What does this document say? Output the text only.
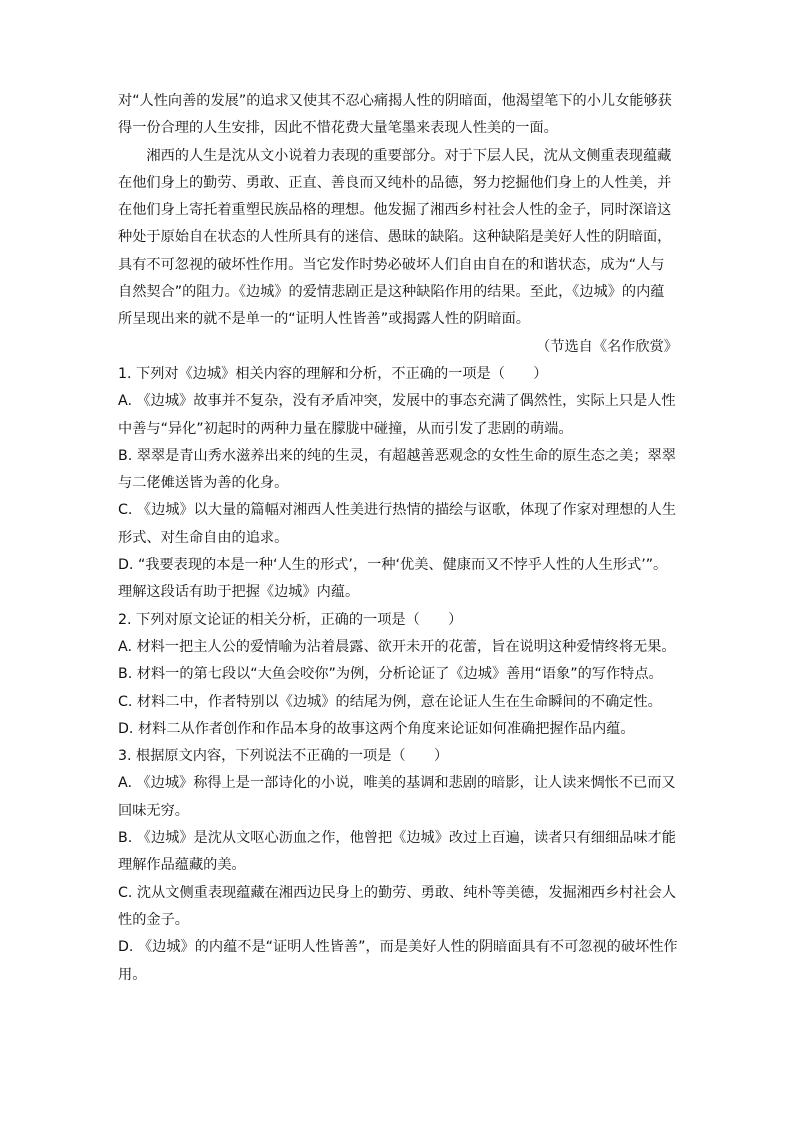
对“人性向善的发展”的追求又使其不忍心痛揭人性的阴暗面，他渴望笔下的小儿女能够获得一份合理的人生安排，因此不惜花费大量笔墨来表现人性美的一面。

湘西的人生是沈从文小说着力表现的重要部分。对于下层人民，沈从文侧重表现蕴藏在他们身上的勤劳、勇敢、正直、善良而又纯朴的品德，努力挖掘他们身上的人性美，并在他们身上寄托着重塑民族品格的理想。他发掘了湘西乡村社会人性的金子，同时深谙这种处于原始自在状态的人性所具有的迷信、愚昧的缺陷。这种缺陷是美好人性的阴暗面，具有不可忽视的破坏性作用。当它发作时势必破坏人们自由自在的和谐状态，成为“人与自然契合”的阻力。《边城》的爱情悲剧正是这种缺陷作用的结果。至此，《边城》的内蕴所呈现出来的就不是单一的“证明人性皆善”或揭露人性的阴暗面。

（节选自《名作欣赏》

1. 下列对《边城》相关内容的理解和分析，不正确的一项是（　　）

A. 《边城》故事并不复杂，没有矛盾冲突，发展中的事态充满了偶然性，实际上只是人性中善与“异化”初起时的两种力量在朦胧中碰撞，从而引发了悲剧的萌端。

B. 翠翠是青山秀水滋养出来的纯的生灵，有超越善恶观念的女性生命的原生态之美；翠翠与二佬傩送皆为善的化身。

C. 《边城》以大量的篇幅对湘西人性美进行热情的描绘与讴歌，体现了作家对理想的人生形式、对生命自由的追求。

D. “我要表现的本是一种‘人生的形式’，一种‘优美、健康而又不悖乎人性的人生形式’”。理解这段话有助于把握《边城》内蕴。

2. 下列对原文论证的相关分析，正确的一项是（　　）

A. 材料一把主人公的爱情喻为沾着晨露、欲开未开的花蕾，旨在说明这种爱情终将无果。

B. 材料一的第七段以“大鱼会咬你”为例，分析论证了《边城》善用“语象”的写作特点。

C. 材料二中，作者特别以《边城》的结尾为例，意在论证人生在生命瞬间的不确定性。

D. 材料二从作者创作和作品本身的故事这两个角度来论证如何准确把握作品内蕴。

3. 根据原文内容，下列说法不正确的一项是（　　）

A. 《边城》称得上是一部诗化的小说，唯美的基调和悲剧的暗影，让人读来惆怅不已而又回味无穷。

B. 《边城》是沈从文呕心沥血之作，他曾把《边城》改过上百遍，读者只有细细品味才能理解作品蕴藏的美。

C. 沈从文侧重表现蕴藏在湘西边民身上的勤劳、勇敢、纯朴等美德，发掘湘西乡村社会人性的金子。

D. 《边城》的内蕴不是“证明人性皆善”，而是美好人性的阴暗面具有不可忽视的破坏性作用。
